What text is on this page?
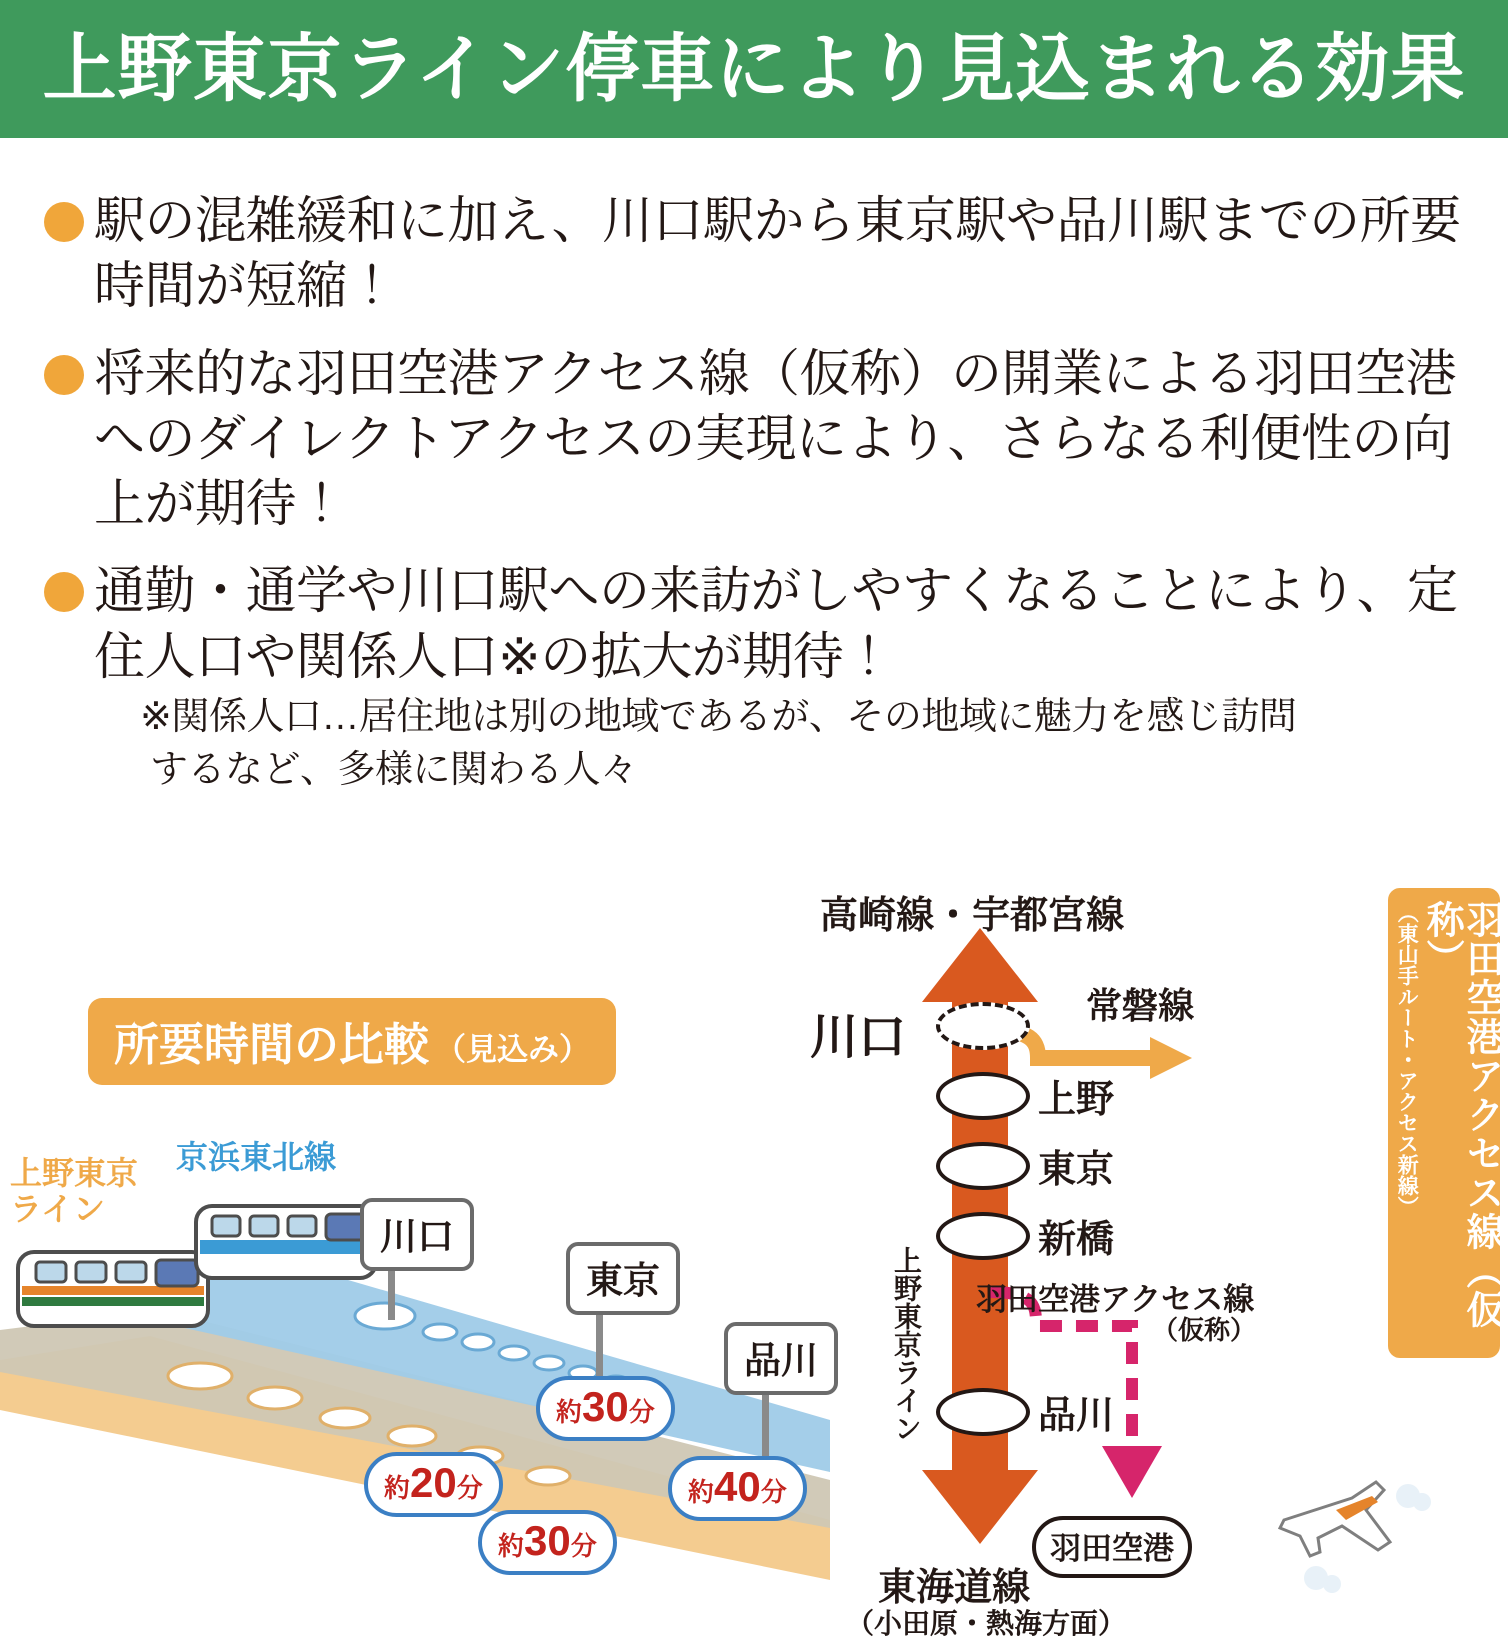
上野東京ライン停車により見込まれる効果
駅の混雑緩和に加え、川口駅から東京駅や品川駅までの所要時間が短縮！
将来的な羽田空港アクセス線（仮称）の開業による羽田空港へのダイレクトアクセスの実現により、さらなる利便性の向上が期待！
通勤・通学や川口駅への来訪がしやすくなることにより、定住人口や関係人口※の拡大が期待！
※関係人口…居住地は別の地域であるが、その地域に魅力を感じ訪問
するなど、多様に関わる人々
所要時間の比較 （見込み）
上野東京
ライン
京浜東北線
川口
東京
品川
約20分
約30分
約30分
約40分
羽田空港アクセス線（仮称）
（東山手ルート・アクセス新線）
高崎線・宇都宮線
常磐線
川口
上野
東京
新橋
品川
上野東京ライン 羽田空港アクセス線
（仮称）
羽田空港
東海道線
（小田原・熱海方面）
